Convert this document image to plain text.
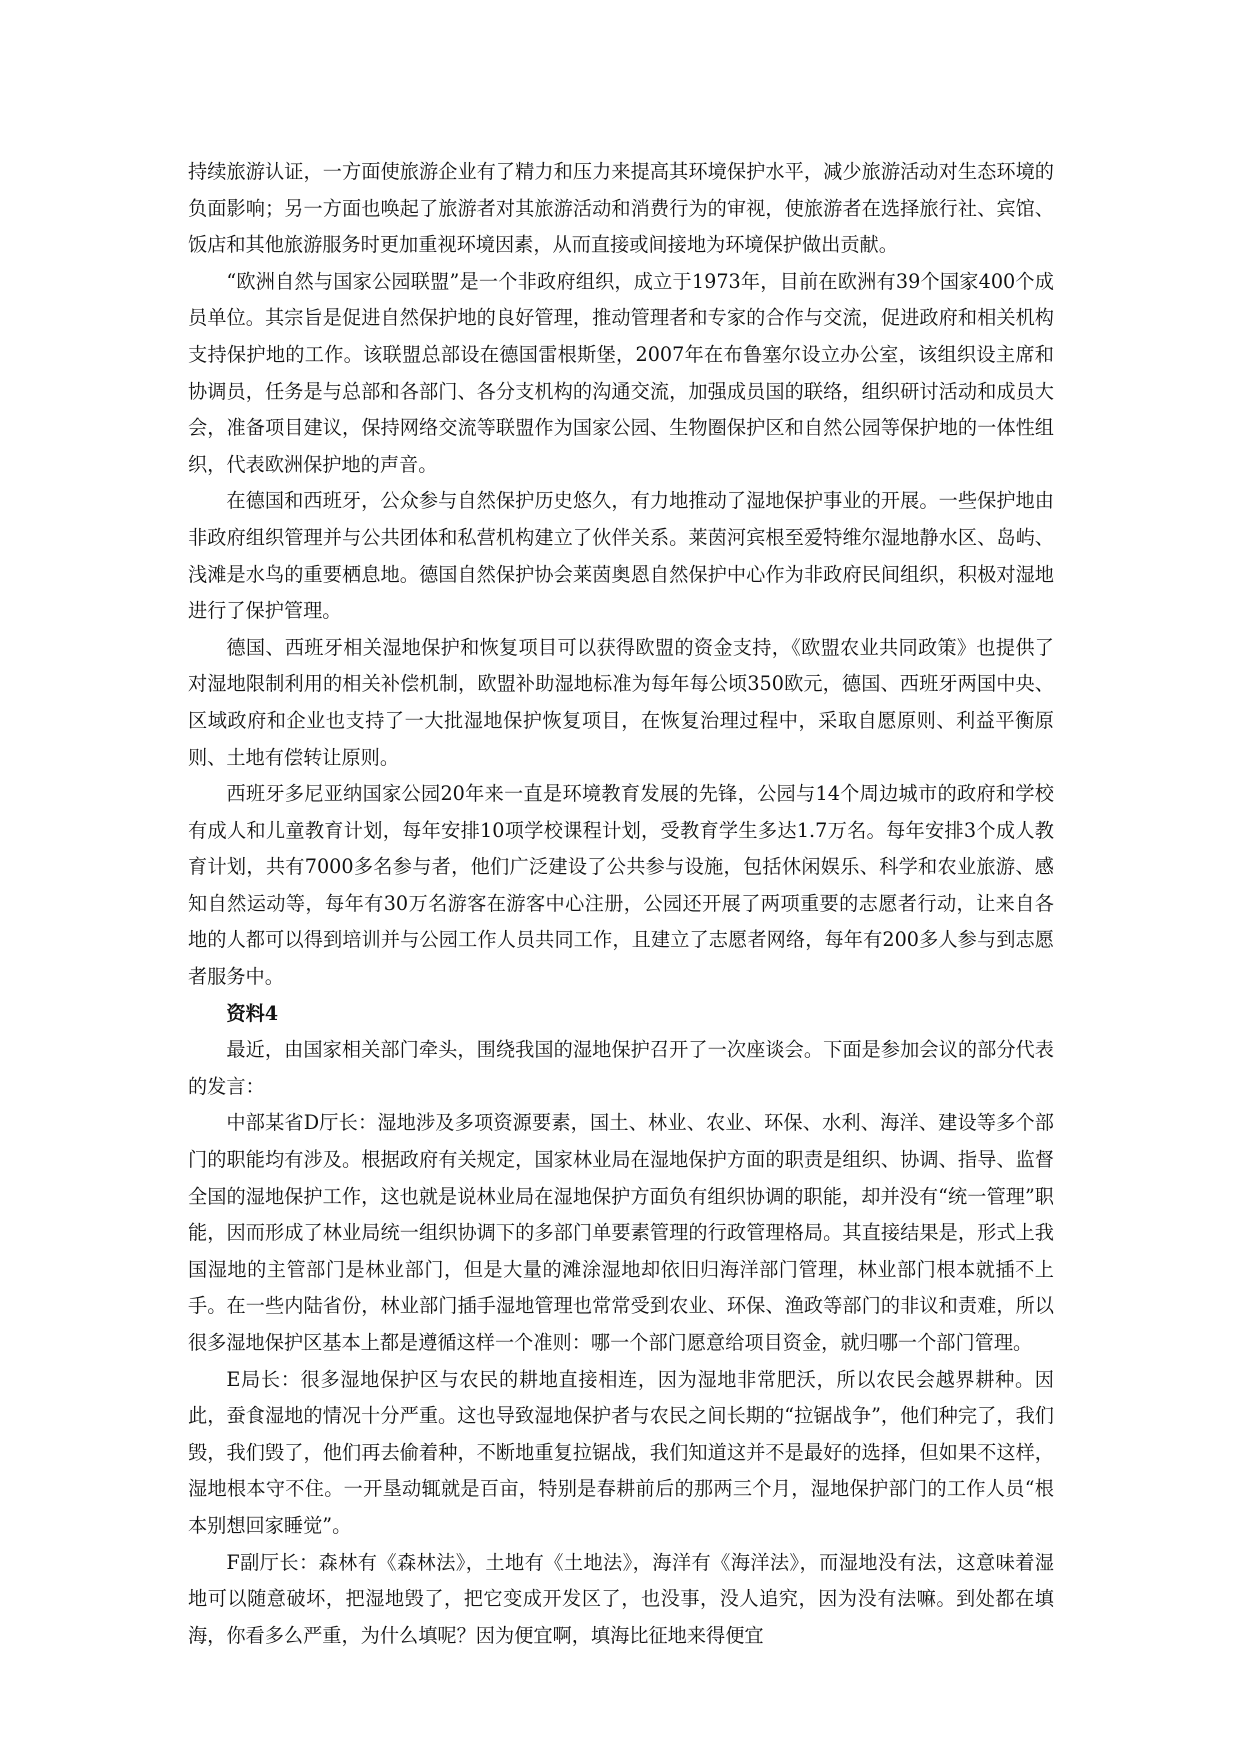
持续旅游认证，一方面使旅游企业有了精力和压力来提高其环境保护水平，减少旅游活动对生态环境的负面影响；另一方面也唤起了旅游者对其旅游活动和消费行为的审视，使旅游者在选择旅行社、宾馆、饭店和其他旅游服务时更加重视环境因素，从而直接或间接地为环境保护做出贡献。

“欧洲自然与国家公园联盟”是一个非政府组织，成立于1973年，目前在欧洲有39个国家400个成员单位。其宗旨是促进自然保护地的良好管理，推动管理者和专家的合作与交流，促进政府和相关机构支持保护地的工作。该联盟总部设在德国雷根斯堡，2007年在布鲁塞尔设立办公室，该组织设主席和协调员，任务是与总部和各部门、各分支机构的沟通交流，加强成员国的联络，组织研讨活动和成员大会，准备项目建议，保持网络交流等联盟作为国家公园、生物圈保护区和自然公园等保护地的一体性组织，代表欧洲保护地的声音。

在德国和西班牙，公众参与自然保护历史悠久，有力地推动了湿地保护事业的开展。一些保护地由非政府组织管理并与公共团体和私营机构建立了伙伴关系。莱茵河宾根至爱特维尔湿地静水区、岛屿、浅滩是水鸟的重要栖息地。德国自然保护协会莱茵奥恩自然保护中心作为非政府民间组织，积极对湿地进行了保护管理。

德国、西班牙相关湿地保护和恢复项目可以获得欧盟的资金支持，《欧盟农业共同政策》也提供了对湿地限制利用的相关补偿机制，欧盟补助湿地标准为每年每公顷350欧元，德国、西班牙两国中央、区域政府和企业也支持了一大批湿地保护恢复项目，在恢复治理过程中，采取自愿原则、利益平衡原则、土地有偿转让原则。

西班牙多尼亚纳国家公园20年来一直是环境教育发展的先锋，公园与14个周边城市的政府和学校有成人和儿童教育计划，每年安排10项学校课程计划，受教育学生多达1.7万名。每年安排3个成人教育计划，共有7000多名参与者，他们广泛建设了公共参与设施，包括休闲娱乐、科学和农业旅游、感知自然运动等，每年有30万名游客在游客中心注册，公园还开展了两项重要的志愿者行动，让来自各地的人都可以得到培训并与公园工作人员共同工作，且建立了志愿者网络，每年有200多人参与到志愿者服务中。

资料4

最近，由国家相关部门牵头，围绕我国的湿地保护召开了一次座谈会。下面是参加会议的部分代表的发言：

中部某省D厅长：湿地涉及多项资源要素，国土、林业、农业、环保、水利、海洋、建设等多个部门的职能均有涉及。根据政府有关规定，国家林业局在湿地保护方面的职责是组织、协调、指导、监督全国的湿地保护工作，这也就是说林业局在湿地保护方面负有组织协调的职能，却并没有“统一管理”职能，因而形成了林业局统一组织协调下的多部门单要素管理的行政管理格局。其直接结果是，形式上我国湿地的主管部门是林业部门，但是大量的滩涂湿地却依旧归海洋部门管理，林业部门根本就插不上手。在一些内陆省份，林业部门插手湿地管理也常常受到农业、环保、渔政等部门的非议和责难，所以很多湿地保护区基本上都是遵循这样一个准则：哪一个部门愿意给项目资金，就归哪一个部门管理。

E局长：很多湿地保护区与农民的耕地直接相连，因为湿地非常肥沃，所以农民会越界耕种。因此，蚕食湿地的情况十分严重。这也导致湿地保护者与农民之间长期的“拉锯战争”，他们种完了，我们毁，我们毁了，他们再去偷着种，不断地重复拉锯战，我们知道这并不是最好的选择，但如果不这样，湿地根本守不住。一开垦动辄就是百亩，特别是春耕前后的那两三个月，湿地保护部门的工作人员“根本别想回家睡觉”。

F副厅长：森林有《森林法》，土地有《土地法》，海洋有《海洋法》，而湿地没有法，这意味着湿地可以随意破坏，把湿地毁了，把它变成开发区了，也没事，没人追究，因为没有法嘛。到处都在填海，你看多么严重，为什么填呢？因为便宜啊，填海比征地来得便宜
